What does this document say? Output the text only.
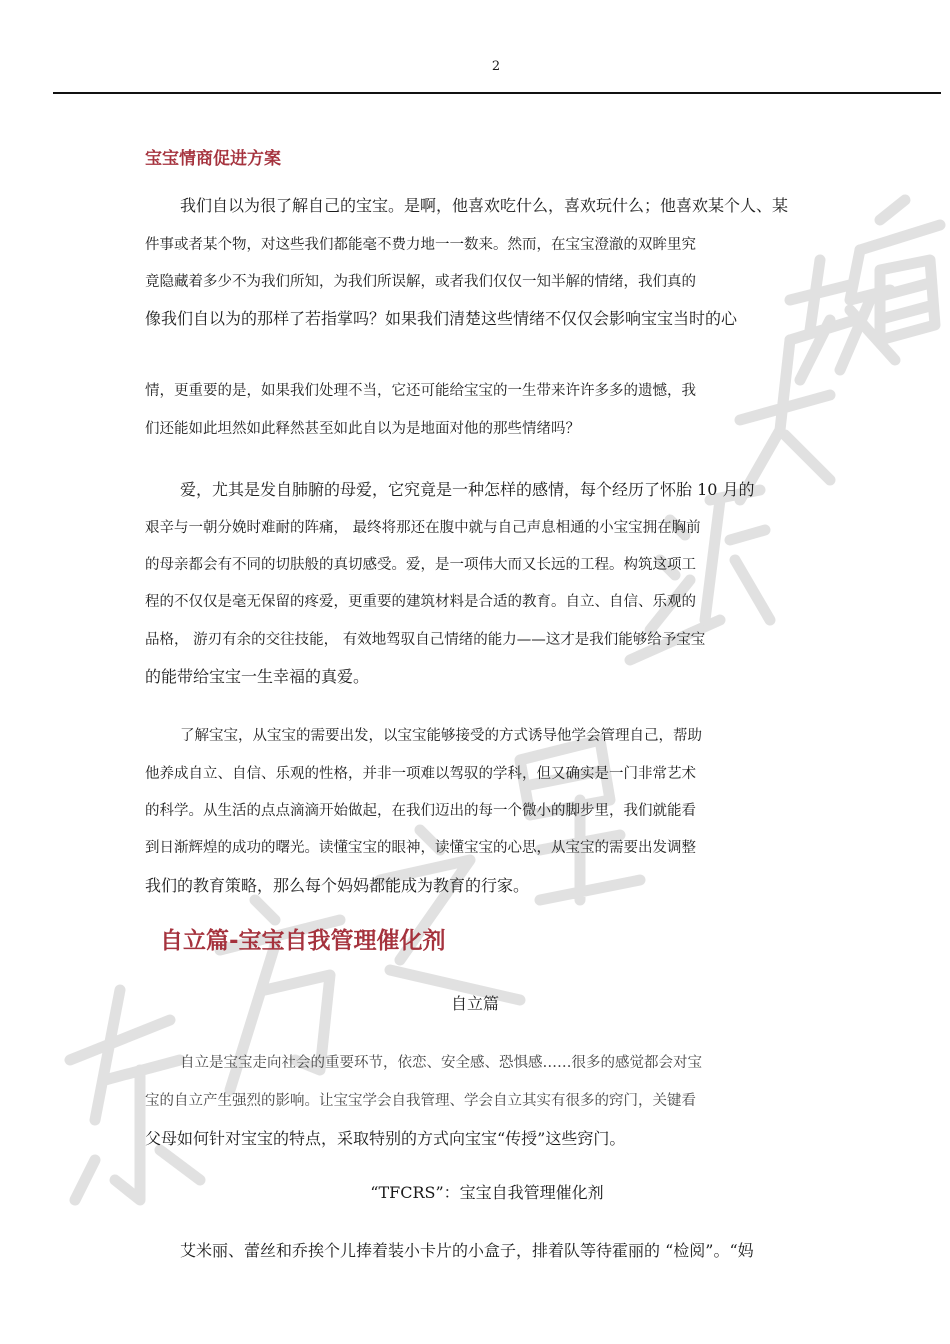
2
宝宝情商促进方案
我们自以为很了解自己的宝宝。是啊，他喜欢吃什么，喜欢玩什么；他喜欢某个人、某
件事或者某个物，对这些我们都能毫不费力地一一数来。然而，在宝宝澄澈的双眸里究
竟隐藏着多少不为我们所知，为我们所误解，或者我们仅仅一知半解的情绪，我们真的
像我们自以为的那样了若指掌吗？如果我们清楚这些情绪不仅仅会影响宝宝当时的心
情，更重要的是，如果我们处理不当，它还可能给宝宝的一生带来许许多多的遗憾，我
们还能如此坦然如此释然甚至如此自以为是地面对他的那些情绪吗？
爱，尤其是发自肺腑的母爱，它究竟是一种怎样的感情，每个经历了怀胎 10 月的
艰辛与一朝分娩时难耐的阵痛， 最终将那还在腹中就与自己声息相通的小宝宝拥在胸前
的母亲都会有不同的切肤般的真切感受。爱，是一项伟大而又长远的工程。构筑这项工
程的不仅仅是毫无保留的疼爱，更重要的建筑材料是合适的教育。自立、自信、乐观的
品格， 游刃有余的交往技能， 有效地驾驭自己情绪的能力——这才是我们能够给予宝宝
的能带给宝宝一生幸福的真爱。
了解宝宝，从宝宝的需要出发，以宝宝能够接受的方式诱导他学会管理自己，帮助
他养成自立、自信、乐观的性格，并非一项难以驾驭的学科，但又确实是一门非常艺术
的科学。从生活的点点滴滴开始做起，在我们迈出的每一个微小的脚步里，我们就能看
到日渐辉煌的成功的曙光。读懂宝宝的眼神，读懂宝宝的心思，从宝宝的需要出发调整
我们的教育策略，那么每个妈妈都能成为教育的行家。
自立篇-宝宝自我管理催化剂
自立篇
自立是宝宝走向社会的重要环节，依恋、安全感、恐惧感……很多的感觉都会对宝
宝的自立产生强烈的影响。让宝宝学会自我管理、学会自立其实有很多的窍门，关键看
父母如何针对宝宝的特点，采取特别的方式向宝宝“传授”这些窍门。
“TFCRS”：宝宝自我管理催化剂
艾米丽、蕾丝和乔挨个儿捧着装小卡片的小盒子，排着队等待霍丽的 “检阅”。“妈
